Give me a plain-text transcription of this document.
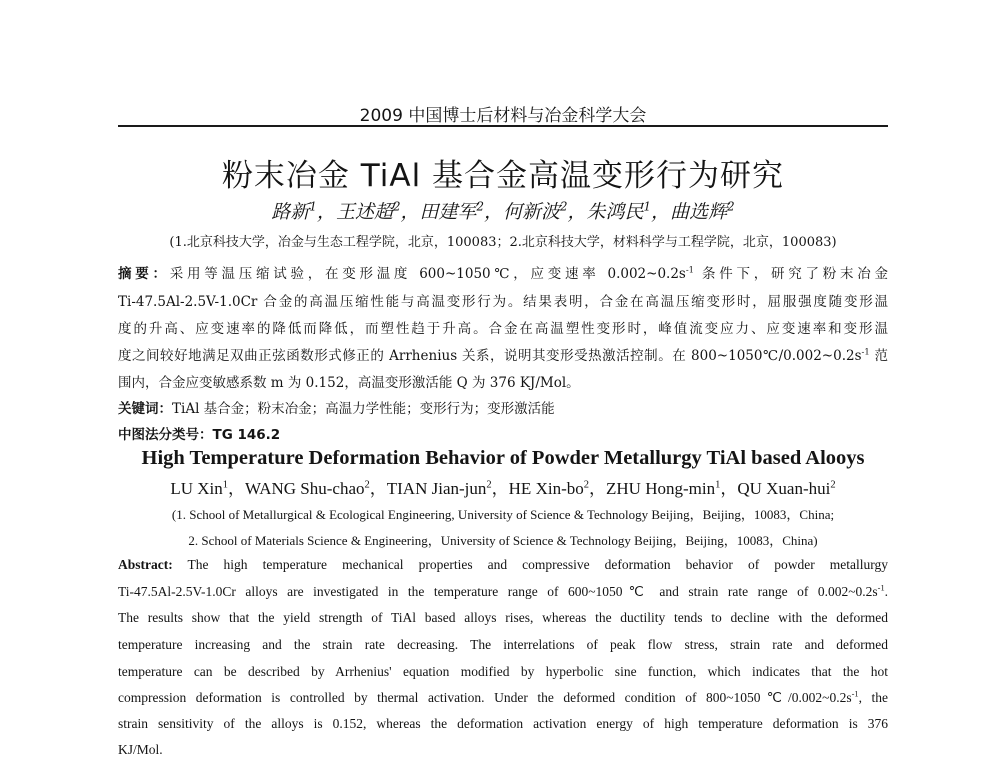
2009 中国博士后材料与冶金科学大会
粉末冶金 TiAl 基合金高温变形行为研究
路新$^1$，王述超$^2$，田建军$^2$，何新波$^2$，朱鸿民$^1$，曲选辉$^2$
(1.北京科技大学，冶金与生态工程学院，北京，100083；2.北京科技大学，材料科学与工程学院，北京，100083)
摘要：采用等温压缩试验，在变形温度 600~1050℃，应变速率 $0.002\sim 0.2s^{-1}$ 条件下，研究了粉末冶金
Ti-47.5Al-2.5V-1.0Cr 合金的高温压缩性能与高温变形行为。结果表明，合金在高温压缩变形时，屈服强度随变形温
度的升高、应变速率的降低而降低，而塑性趋于升高。合金在高温塑性变形时，峰值流变应力、应变速率和变形温
度之间较好地满足双曲正弦函数形式修正的 Arrhenius 关系，说明其变形受热激活控制。在 $800\sim 1050℃/0.002\sim 0.2s^{-1}$ 范
围内，合金应变敏感系数 m 为 0.152，高温变形激活能 Q 为 376 KJ/Mol。
关键词：TiAl 基合金；粉末冶金；高温力学性能；变形行为；变形激活能
中图法分类号：TG 146.2
High Temperature Deformation Behavior of Powder Metallurgy TiAl based Alooys
LU Xin$^1$，WANG Shu-chao$^2$，TIAN Jian-jun$^2$，HE Xin-$bo^2$，ZHU Hong-$\min^1$，QU Xuan-hui$^2$
(1. School of Metallurgical & Ecological Engineering, University of Science & Technology Beijing，Beijing，10083，China;
2. School of Materials Science & Engineering，University of Science & Technology Beijing，Beijing，10083，China)
Abstract: The high temperature mechanical properties and compressive deformation behavior of powder metallurgy
Ti-47.5Al-2.5V-1.0Cr alloys are investigated in the temperature range of 600~1050℃ and strain rate range of $0.002\sim 0.2s^{-1}$.
The results show that the yield strength of TiAl based alloys rises, whereas the ductility tends to decline with the deformed
temperature increasing and the strain rate decreasing. The interrelations of peak flow stress, strain rate and deformed
temperature can be described by Arrhenius' equation modified by hyperbolic sine function, which indicates that the hot
compression deformation is controlled by thermal activation. Under the deformed condition of $800\sim 1050℃/0.002\sim 0.2s^{-1}$, the
strain sensitivity of the alloys is 0.152, whereas the deformation activation energy of high temperature deformation is 376
KJ/Mol.
